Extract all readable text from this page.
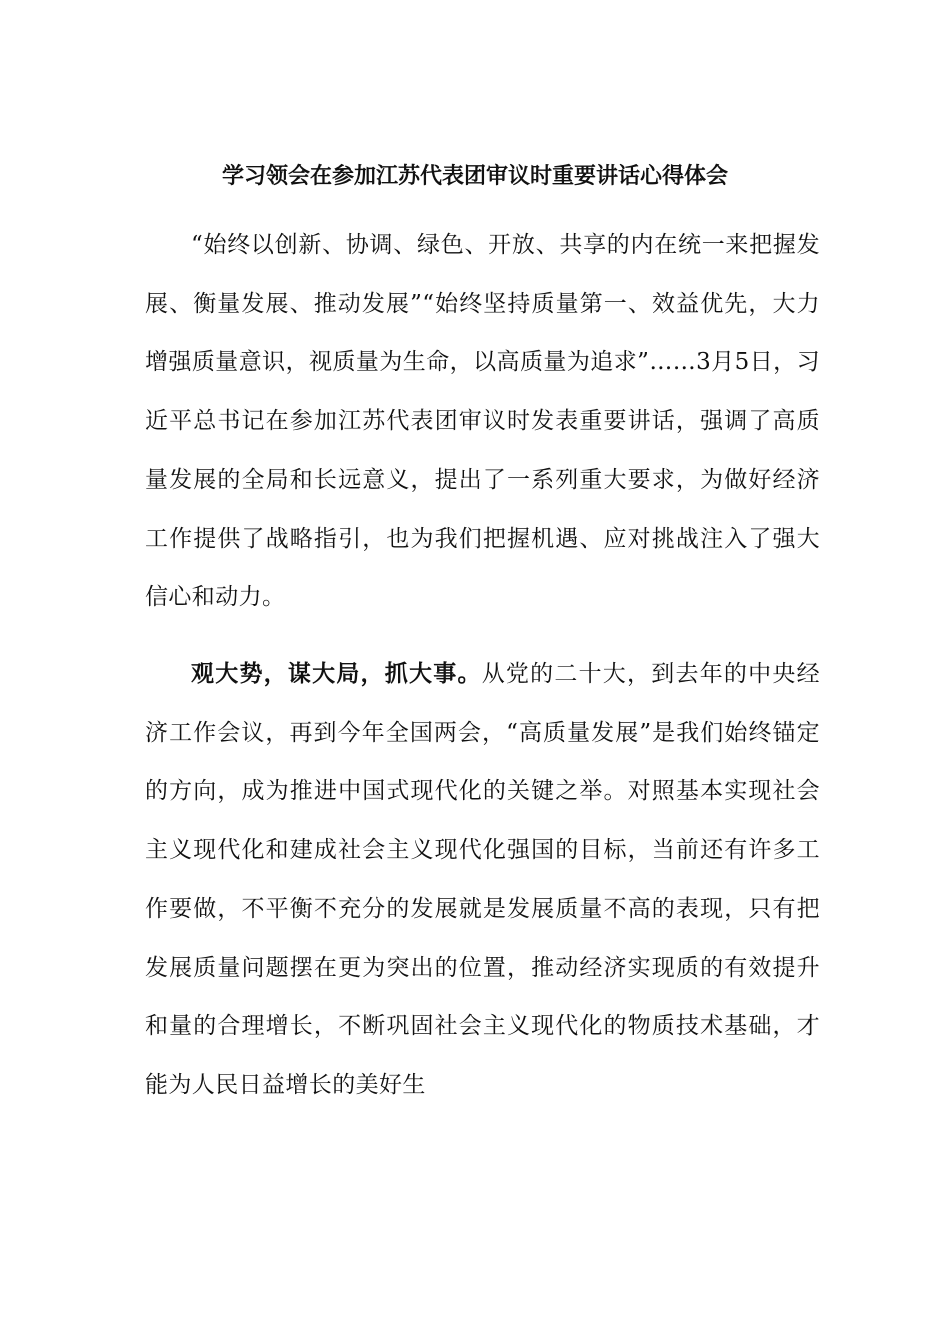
学习领会在参加江苏代表团审议时重要讲话心得体会

“始终以创新、协调、绿色、开放、共享的内在统一来把握发展、衡量发展、推动发展”“始终坚持质量第一、效益优先，大力增强质量意识，视质量为生命，以高质量为追求”……3月5日，习近平总书记在参加江苏代表团审议时发表重要讲话，强调了高质量发展的全局和长远意义，提出了一系列重大要求，为做好经济工作提供了战略指引，也为我们把握机遇、应对挑战注入了强大信心和动力。

观大势，谋大局，抓大事。从党的二十大，到去年的中央经济工作会议，再到今年全国两会，“高质量发展”是我们始终锚定的方向，成为推进中国式现代化的关键之举。对照基本实现社会主义现代化和建成社会主义现代化强国的目标，当前还有许多工作要做，不平衡不充分的发展就是发展质量不高的表现，只有把发展质量问题摆在更为突出的位置，推动经济实现质的有效提升和量的合理增长，不断巩固社会主义现代化的物质技术基础，才能为人民日益增长的美好生
